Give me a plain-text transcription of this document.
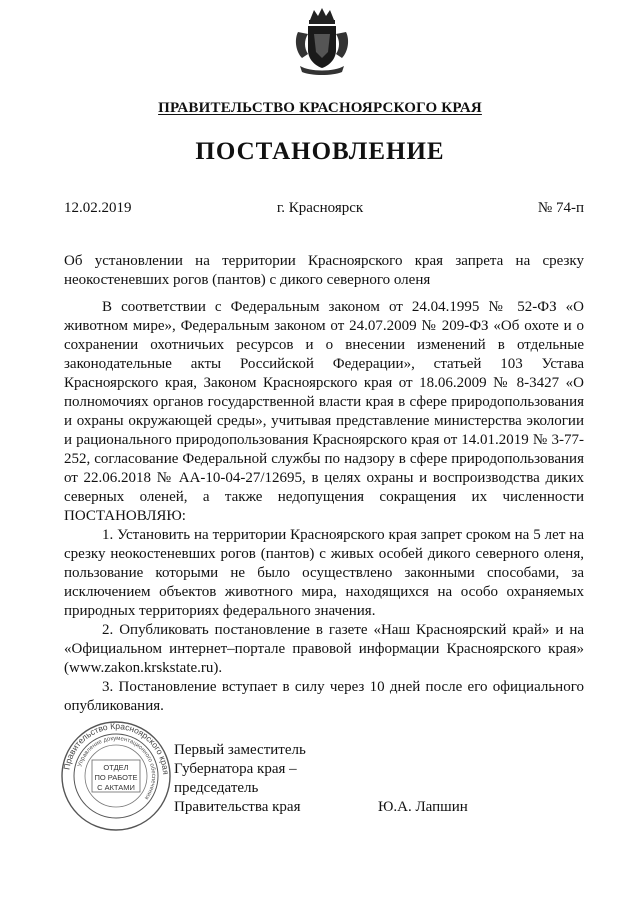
ПРАВИТЕЛЬСТВО КРАСНОЯРСКОГО КРАЯ
ПОСТАНОВЛЕНИЕ
12.02.2019	г. Красноярск	№ 74-п
Об установлении на территории Красноярского края запрета на срезку неокостеневших рогов (пантов) с дикого северного оленя

В соответствии с Федеральным законом от 24.04.1995 № 52-ФЗ «О животном мире», Федеральным законом от 24.07.2009 № 209-ФЗ «Об охоте и о сохранении охотничьих ресурсов и о внесении изменений в отдельные законодательные акты Российской Федерации», статьей 103 Устава Красноярского края, Законом Красноярского края от 18.06.2009 № 8-3427 «О полномочиях органов государственной власти края в сфере природопользования и охраны окружающей среды», учитывая представление министерства экологии и рационального природопользования Красноярского края от 14.01.2019 № 3-77-252, согласование Федеральной службы по надзору в сфере природопользования от 22.06.2018 № АА-10-04-27/12695, в целях охраны и воспроизводства диких северных оленей, а также недопущения сокращения их численности ПОСТАНОВЛЯЮ:

1. Установить на территории Красноярского края запрет сроком на 5 лет на срезку неокостеневших рогов (пантов) с живых особей дикого северного оленя, пользование которыми не было осуществлено законными способами, за исключением объектов животного мира, находящихся на особо охраняемых природных территориях федерального значения.

2. Опубликовать постановление в газете «Наш Красноярский край» и на «Официальном интернет–портале правовой информации Красноярского края» (www.zakon.krskstate.ru).

3. Постановление вступает в силу через 10 дней после его официального опубликования.

Правительство Красноярского края
Управление документационного обеспечения
ОТДЕЛ
ПО РАБОТЕ
С АКТАМИ
Первый заместитель
Губернатора края –
председатель
Правительства края	Ю.А. Лапшин
